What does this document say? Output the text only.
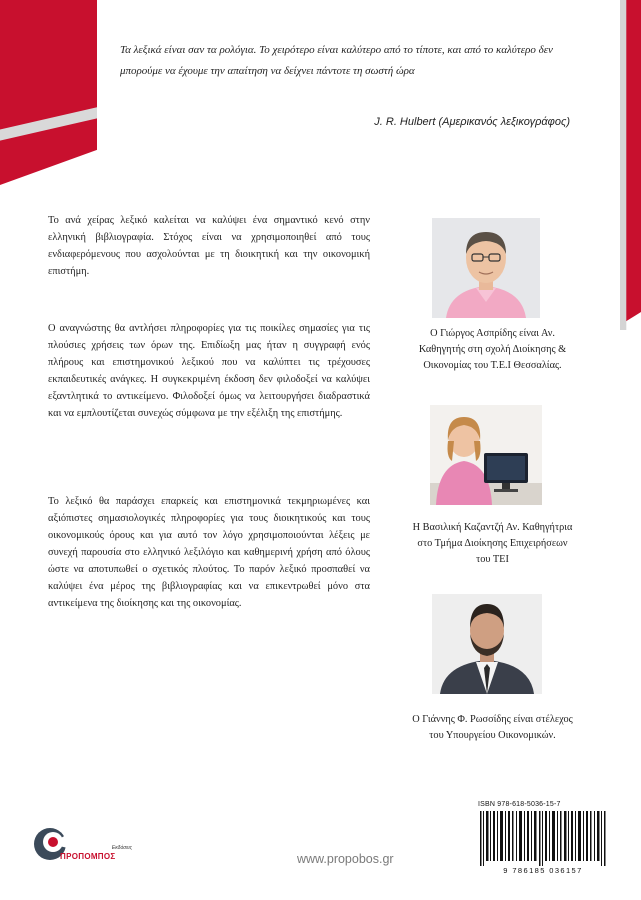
Τα λεξικά είναι σαν τα ρολόγια. Το χειρότερο είναι καλύτερο από το τίποτε, και από το καλύτερο δεν μπορούμε να έχουμε την απαίτηση να δείχνει πάντοτε τη σωστή ώρα
J. R. Hulbert (Αμερικανός λεξικογράφος)

Το ανά χείρας λεξικό καλείται να καλύψει ένα σημαντικό κενό στην ελληνική βιβλιογραφία. Στόχος είναι να χρησιμοποιηθεί από τους ενδιαφερόμενους που ασχολούνται με τη διοικητική και την οικονομική επιστήμη.

Ο αναγνώστης θα αντλήσει πληροφορίες για τις ποικίλες σημασίες για τις πλούσιες χρήσεις των όρων της. Επιδίωξη μας ήταν η συγγραφή ενός πλήρους και επιστημονικού λεξικού που να καλύπτει τις τρέχουσες εκπαιδευτικές ανάγκες. Η συγκεκριμένη έκδοση δεν φιλοδοξεί να καλύψει εξαντλητικά το αντικείμενο. Φιλοδοξεί όμως να λειτουργήσει διαδραστικά και να εμπλουτίζεται συνεχώς σύμφωνα με την εξέλιξη της επιστήμης.

Το λεξικό θα παράσχει επαρκείς και επιστημονικά τεκμηριωμένες και αξιόπιστες σημασιολογικές πληροφορίες για τους διοικητικούς και τους οικονομικούς όρους και για αυτό τον λόγο χρησιμοποιούνται λέξεις με συνεχή παρουσία στο ελληνικό λεξιλόγιο και καθημερινή χρήση από όλους ώστε να αποτυπωθεί ο σχετικός πλούτος. Το παρόν λεξικό προσπαθεί να καλύψει ένα μέρος της βιβλιογραφίας και να επικεντρωθεί μόνο στα αντικείμενα της διοίκησης και της οικονομίας.

Ο Γιώργος Ασπρίδης είναι Αν. Καθηγητής στη σχολή Διοίκησης & Οικονομίας του Τ.Ε.Ι Θεσσαλίας.

Η Βασιλική Καζαντζή Αν. Καθηγήτρια στο Τμήμα Διοίκησης Επιχειρήσεων του ΤΕΙ

Ο Γιάννης Φ. Ρωσσίδης είναι στέλεχος του Υπουργείου Οικονομικών.

ISBN 978-618-5036-15-7
9 786185 036157
www.propobos.gr
Εκδόσεις
ΠΡΟΠΟΜΠΟΣ
